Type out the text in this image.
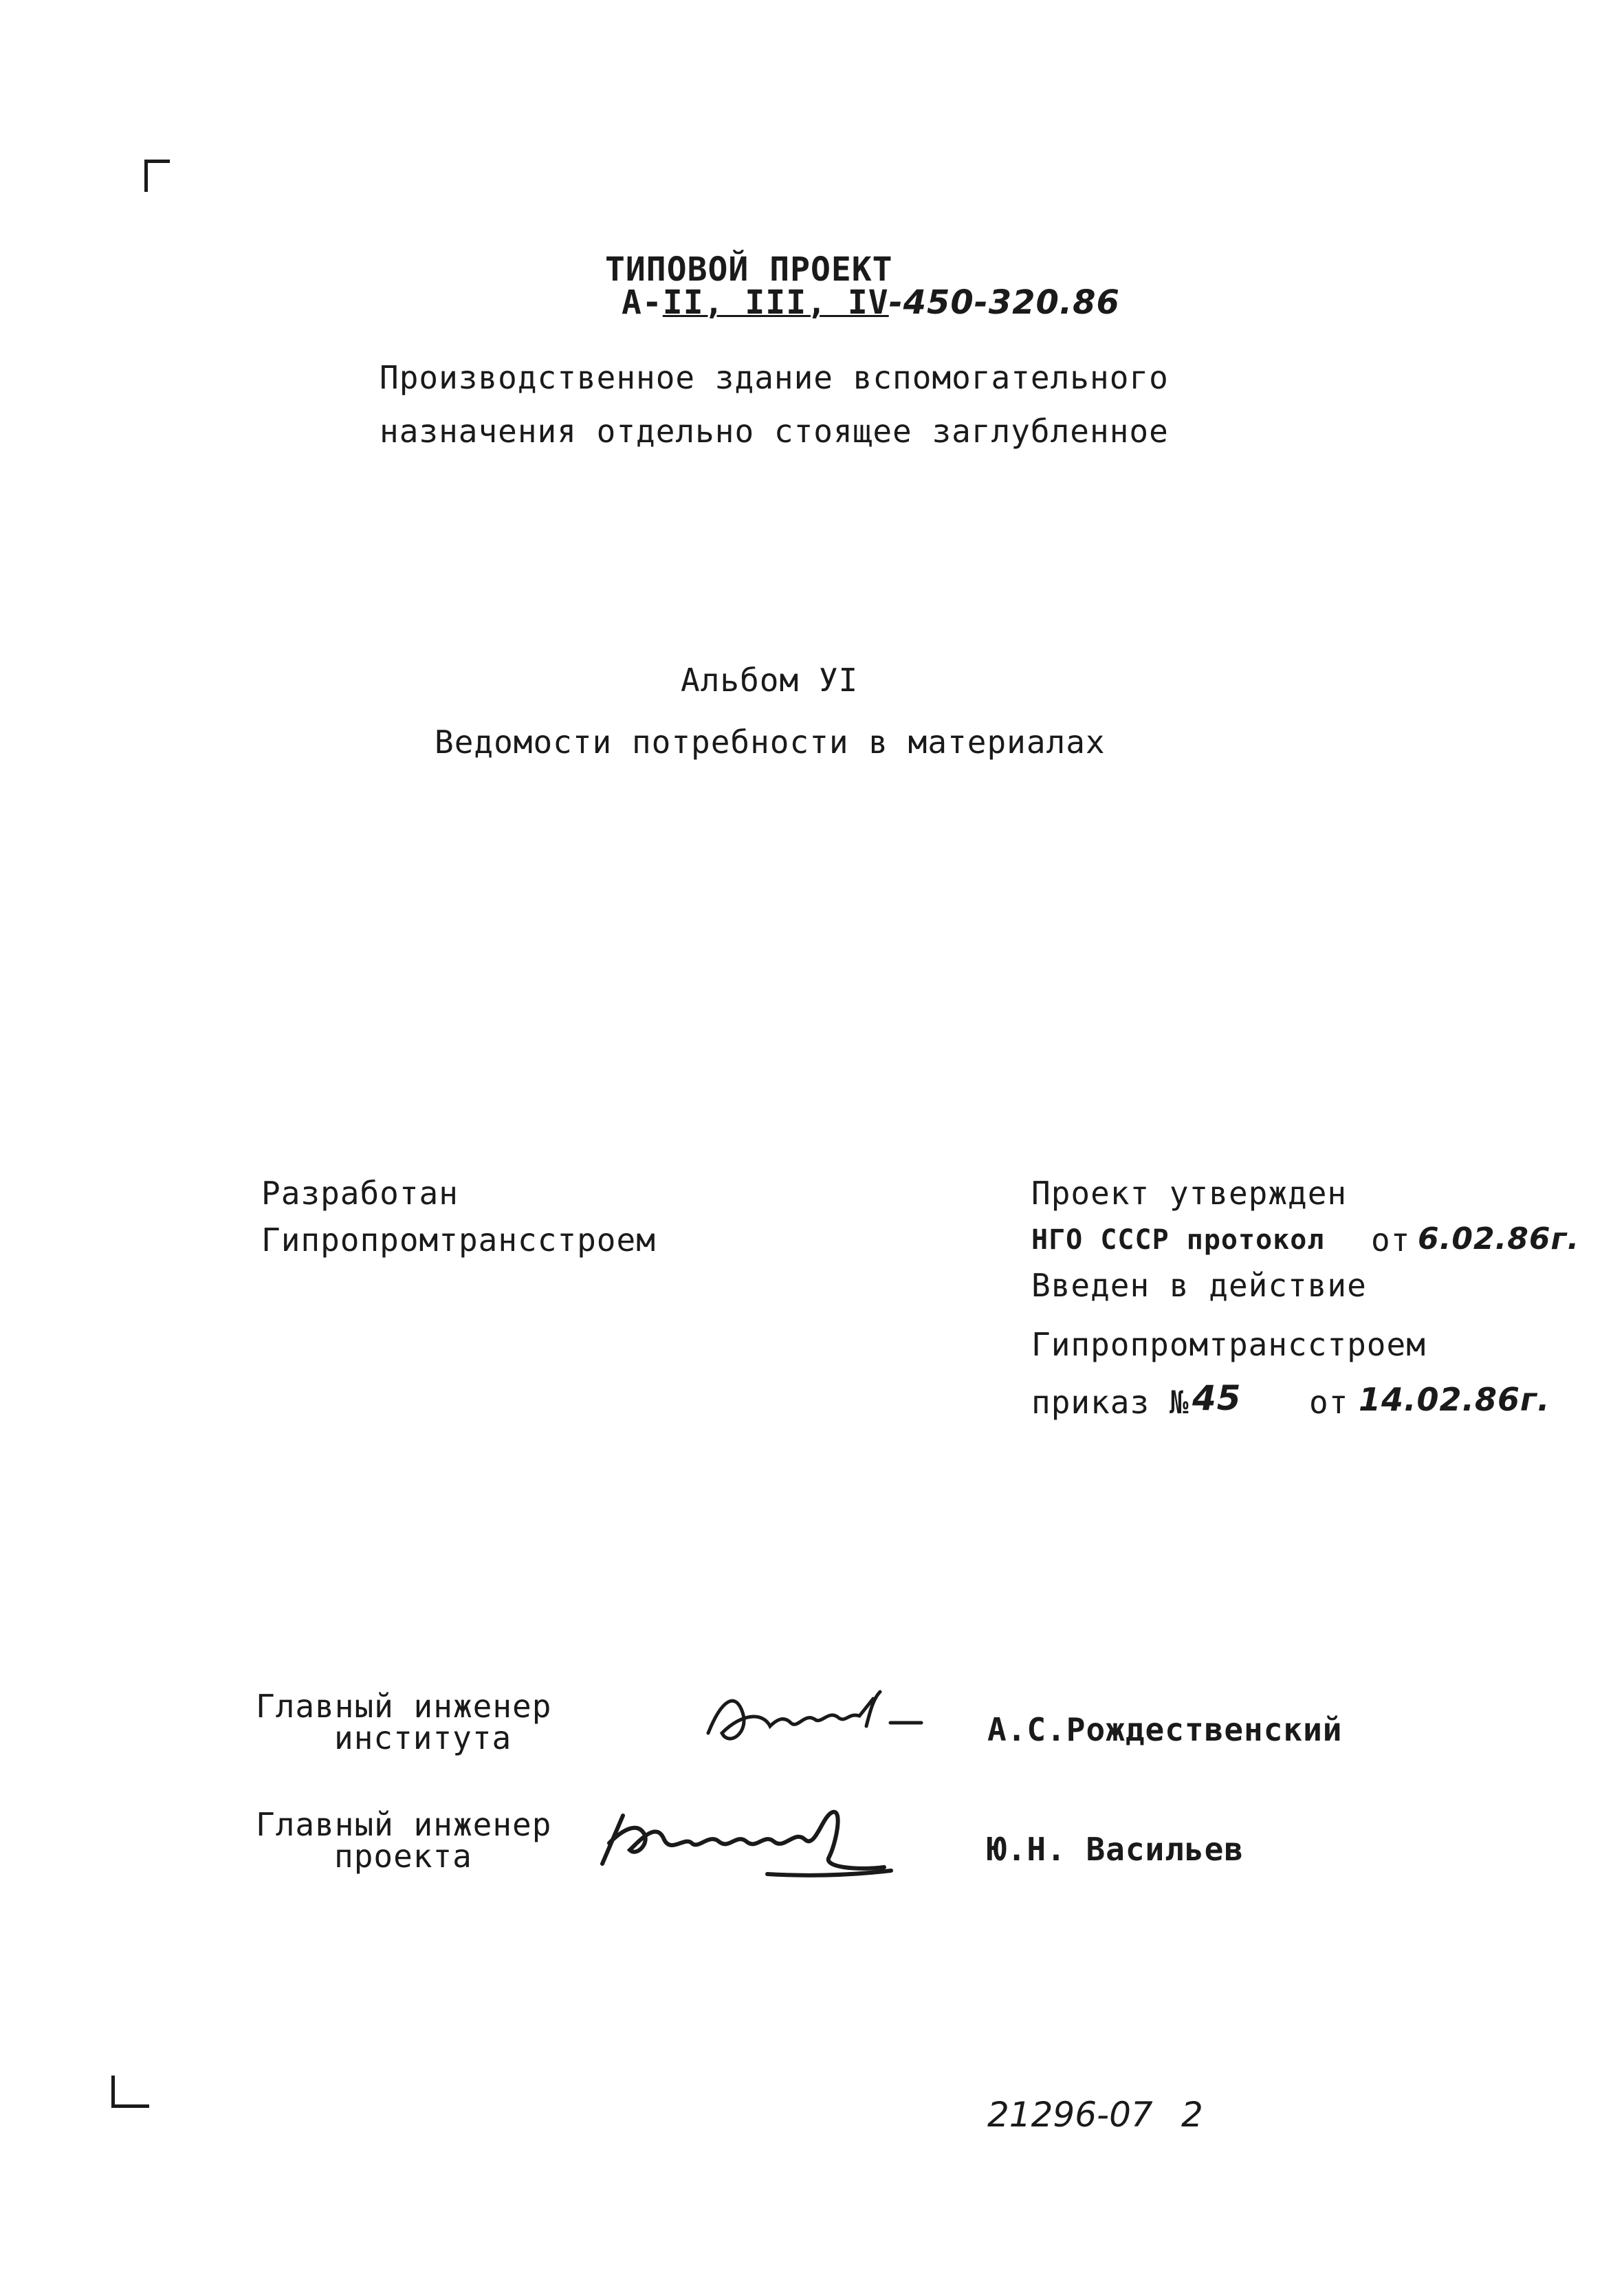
ТИПОВОЙ ПРОЕКТ
А-II, III, IV-450-320.86
Производственное здание вспомогательного
назначения отдельно стоящее заглубленное
Альбом УI
Ведомости потребности в материалах
Разработан
Гипропромтрансстроем
Проект утвержден
НГО СССР протокол от 6.02.86г.
Введен в действие
Гипропромтрансстроем
приказ № 45 от 14.02.86г.
Главный инженер
института	А.С.Рождественский
Главный инженер
проекта	Ю.Н. Васильев
21296-07 2
